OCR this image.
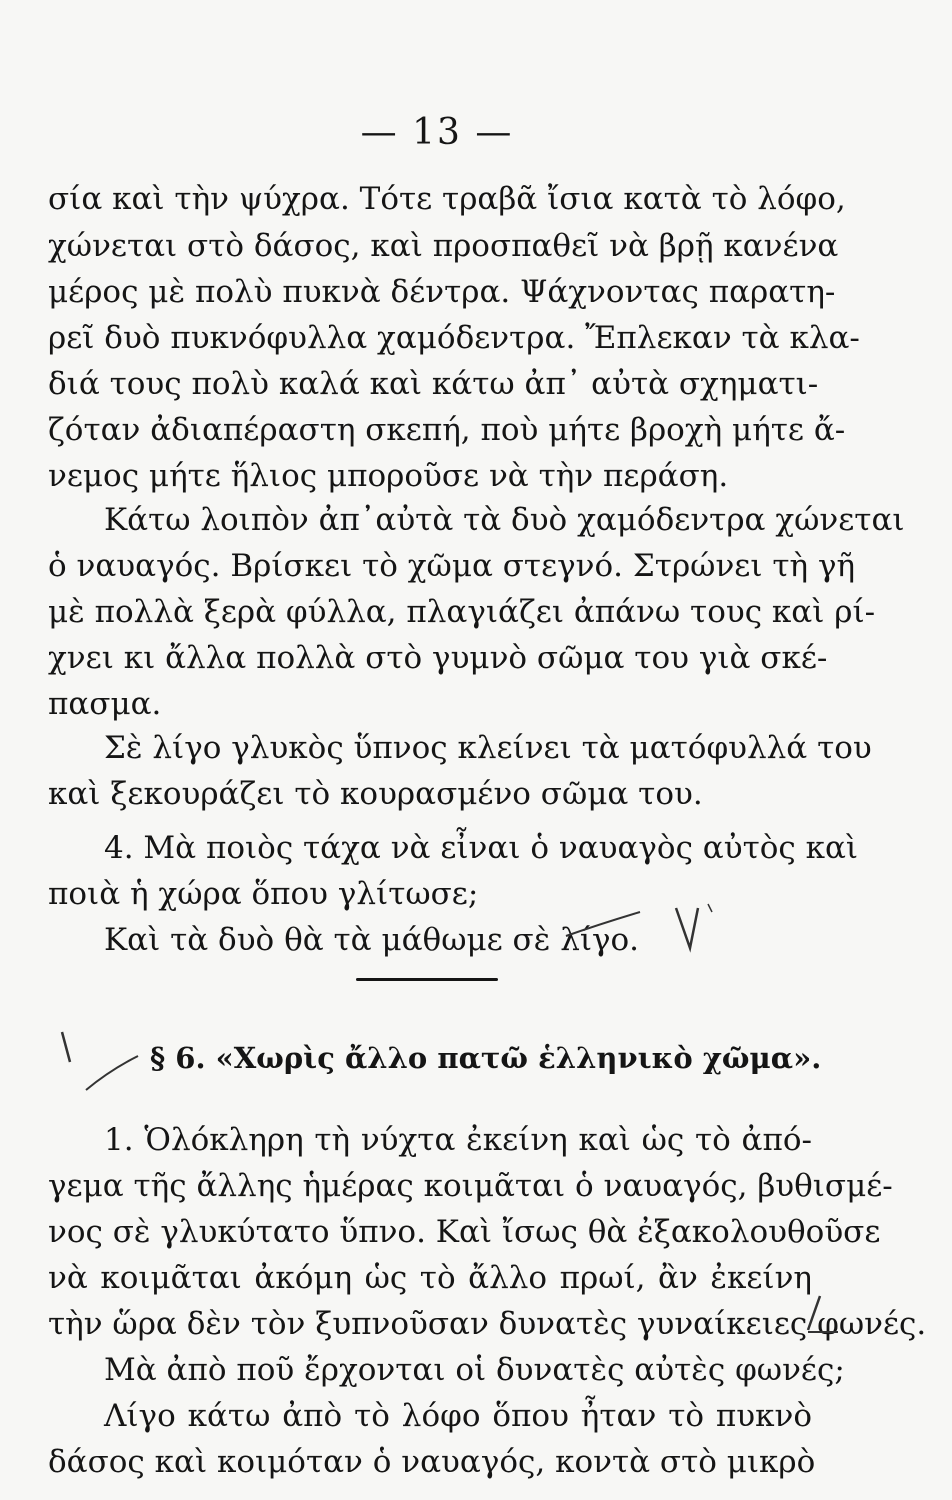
— 13 —
σία καὶ τὴν ψύχρα. Τότε τραβᾶ ἴσια κατὰ τὸ λόφο,
χώνεται στὸ δάσος, καὶ προσπαθεῖ νὰ βρῇ κανένα
μέρος μὲ πολὺ πυκνὰ δέντρα. Ψάχνοντας παρατη-
ρεῖ δυὸ πυκνόφυλλα χαμόδεντρα. Ἔπλεκαν τὰ κλα-
διά τους πολὺ καλά καὶ κάτω ἀπ᾽ αὐτὰ σχηματι-
ζόταν ἀδιαπέραστη σκεπή, ποὺ μήτε βροχὴ μήτε ἄ-
νεμος μήτε ἥλιος μποροῦσε νὰ τὴν περάση.
Κάτω λοιπὸν ἀπ᾽αὐτὰ τὰ δυὸ χαμόδεντρα χώνεται
ὁ ναυαγός. Βρίσκει τὸ χῶμα στεγνό. Στρώνει τὴ γῆ
μὲ πολλὰ ξερὰ φύλλα, πλαγιάζει ἀπάνω τους καὶ ρί-
χνει κι ἄλλα πολλὰ στὸ γυμνὸ σῶμα του γιὰ σκέ-
πασμα.
Σὲ λίγο γλυκὸς ὕπνος κλείνει τὰ ματόφυλλά του
καὶ ξεκουράζει τὸ κουρασμένο σῶμα του.
4. Μὰ ποιὸς τάχα νὰ εἶναι ὁ ναυαγὸς αὐτὸς καὶ
ποιὰ ἡ χώρα ὅπου γλίτωσε;
Καὶ τὰ δυὸ θὰ τὰ μάθωμε σὲ λίγο.
§ 6. «Χωρὶς ἄλλο πατῶ ἑλληνικὸ χῶμα».
1. Ὁλόκληρη τὴ νύχτα ἐκείνη καὶ ὡς τὸ ἀπό-
γεμα τῆς ἄλλης ἡμέρας κοιμᾶται ὁ ναυαγός, βυθισμέ-
νος σὲ γλυκύτατο ὕπνο. Καὶ ἴσως θὰ ἐξακολουθοῦσε
νὰ κοιμᾶται ἀκόμη ὡς τὸ ἄλλο πρωί, ἂν ἐκείνη
τὴν ὥρα δὲν τὸν ξυπνοῦσαν δυνατὲς γυναίκειες φωνές.
Μὰ ἀπὸ ποῦ ἔρχονται οἱ δυνατὲς αὐτὲς φωνές;
Λίγο κάτω ἀπὸ τὸ λόφο ὅπου ἦταν τὸ πυκνὸ
δάσος καὶ κοιμόταν ὁ ναυαγός, κοντὰ στὸ μικρὸ
